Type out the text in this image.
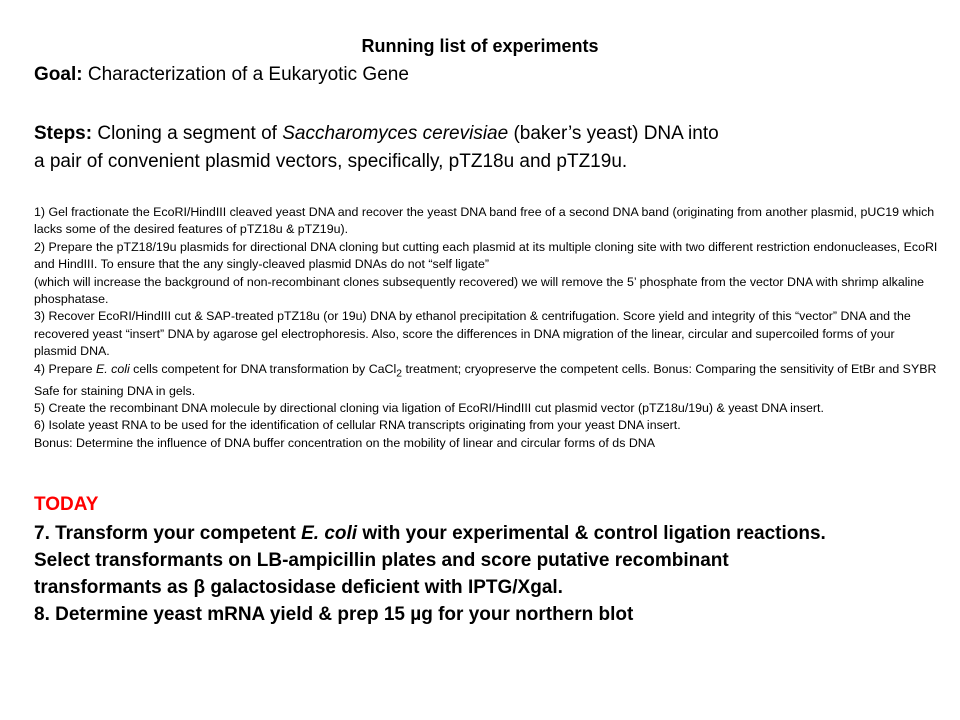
Running list of experiments
Goal: Characterization of a Eukaryotic Gene
Steps: Cloning a segment of Saccharomyces cerevisiae (baker’s yeast) DNA into
a pair of convenient plasmid vectors, specifically, pTZ18u and pTZ19u.

1) Gel fractionate the EcoRI/HindIII cleaved yeast DNA and recover the yeast DNA band free of a second DNA band (originating from another plasmid, pUC19 which lacks some of the desired features of pTZ18u & pTZ19u).

2) Prepare the pTZ18/19u plasmids for directional DNA cloning but cutting each plasmid at its multiple cloning site with two different restriction endonucleases, EcoRI and HindIII. To ensure that the any singly-cleaved plasmid DNAs do not “self ligate”

(which will increase the background of non-recombinant clones subsequently recovered) we will remove the 5’ phosphate from the vector DNA with shrimp alkaline phosphatase.

3) Recover EcoRI/HindIII cut & SAP-treated pTZ18u (or 19u) DNA by ethanol precipitation & centrifugation. Score yield and integrity of this “vector” DNA and the recovered yeast “insert” DNA by agarose gel electrophoresis. Also, score the differences in DNA migration of the linear, circular and supercoiled forms of your plasmid DNA.

4) Prepare E. coli cells competent for DNA transformation by CaCl$_2$ treatment; cryopreserve the competent cells. Bonus: Comparing the sensitivity of EtBr and SYBR Safe for staining DNA in gels.

5) Create the recombinant DNA molecule by directional cloning via ligation of EcoRI/HindIII cut plasmid vector (pTZ18u/19u) & yeast DNA insert.

6) Isolate yeast RNA to be used for the identification of cellular RNA transcripts originating from your yeast DNA insert.

Bonus: Determine the influence of DNA buffer concentration on the mobility of linear and circular forms of ds DNA

TODAY

7. Transform your competent E. coli with your experimental & control ligation reactions.

Select transformants on LB-ampicillin plates and score putative recombinant

transformants as β galactosidase deficient with IPTG/Xgal.

8. Determine yeast mRNA yield & prep 15 µg for your northern blot
